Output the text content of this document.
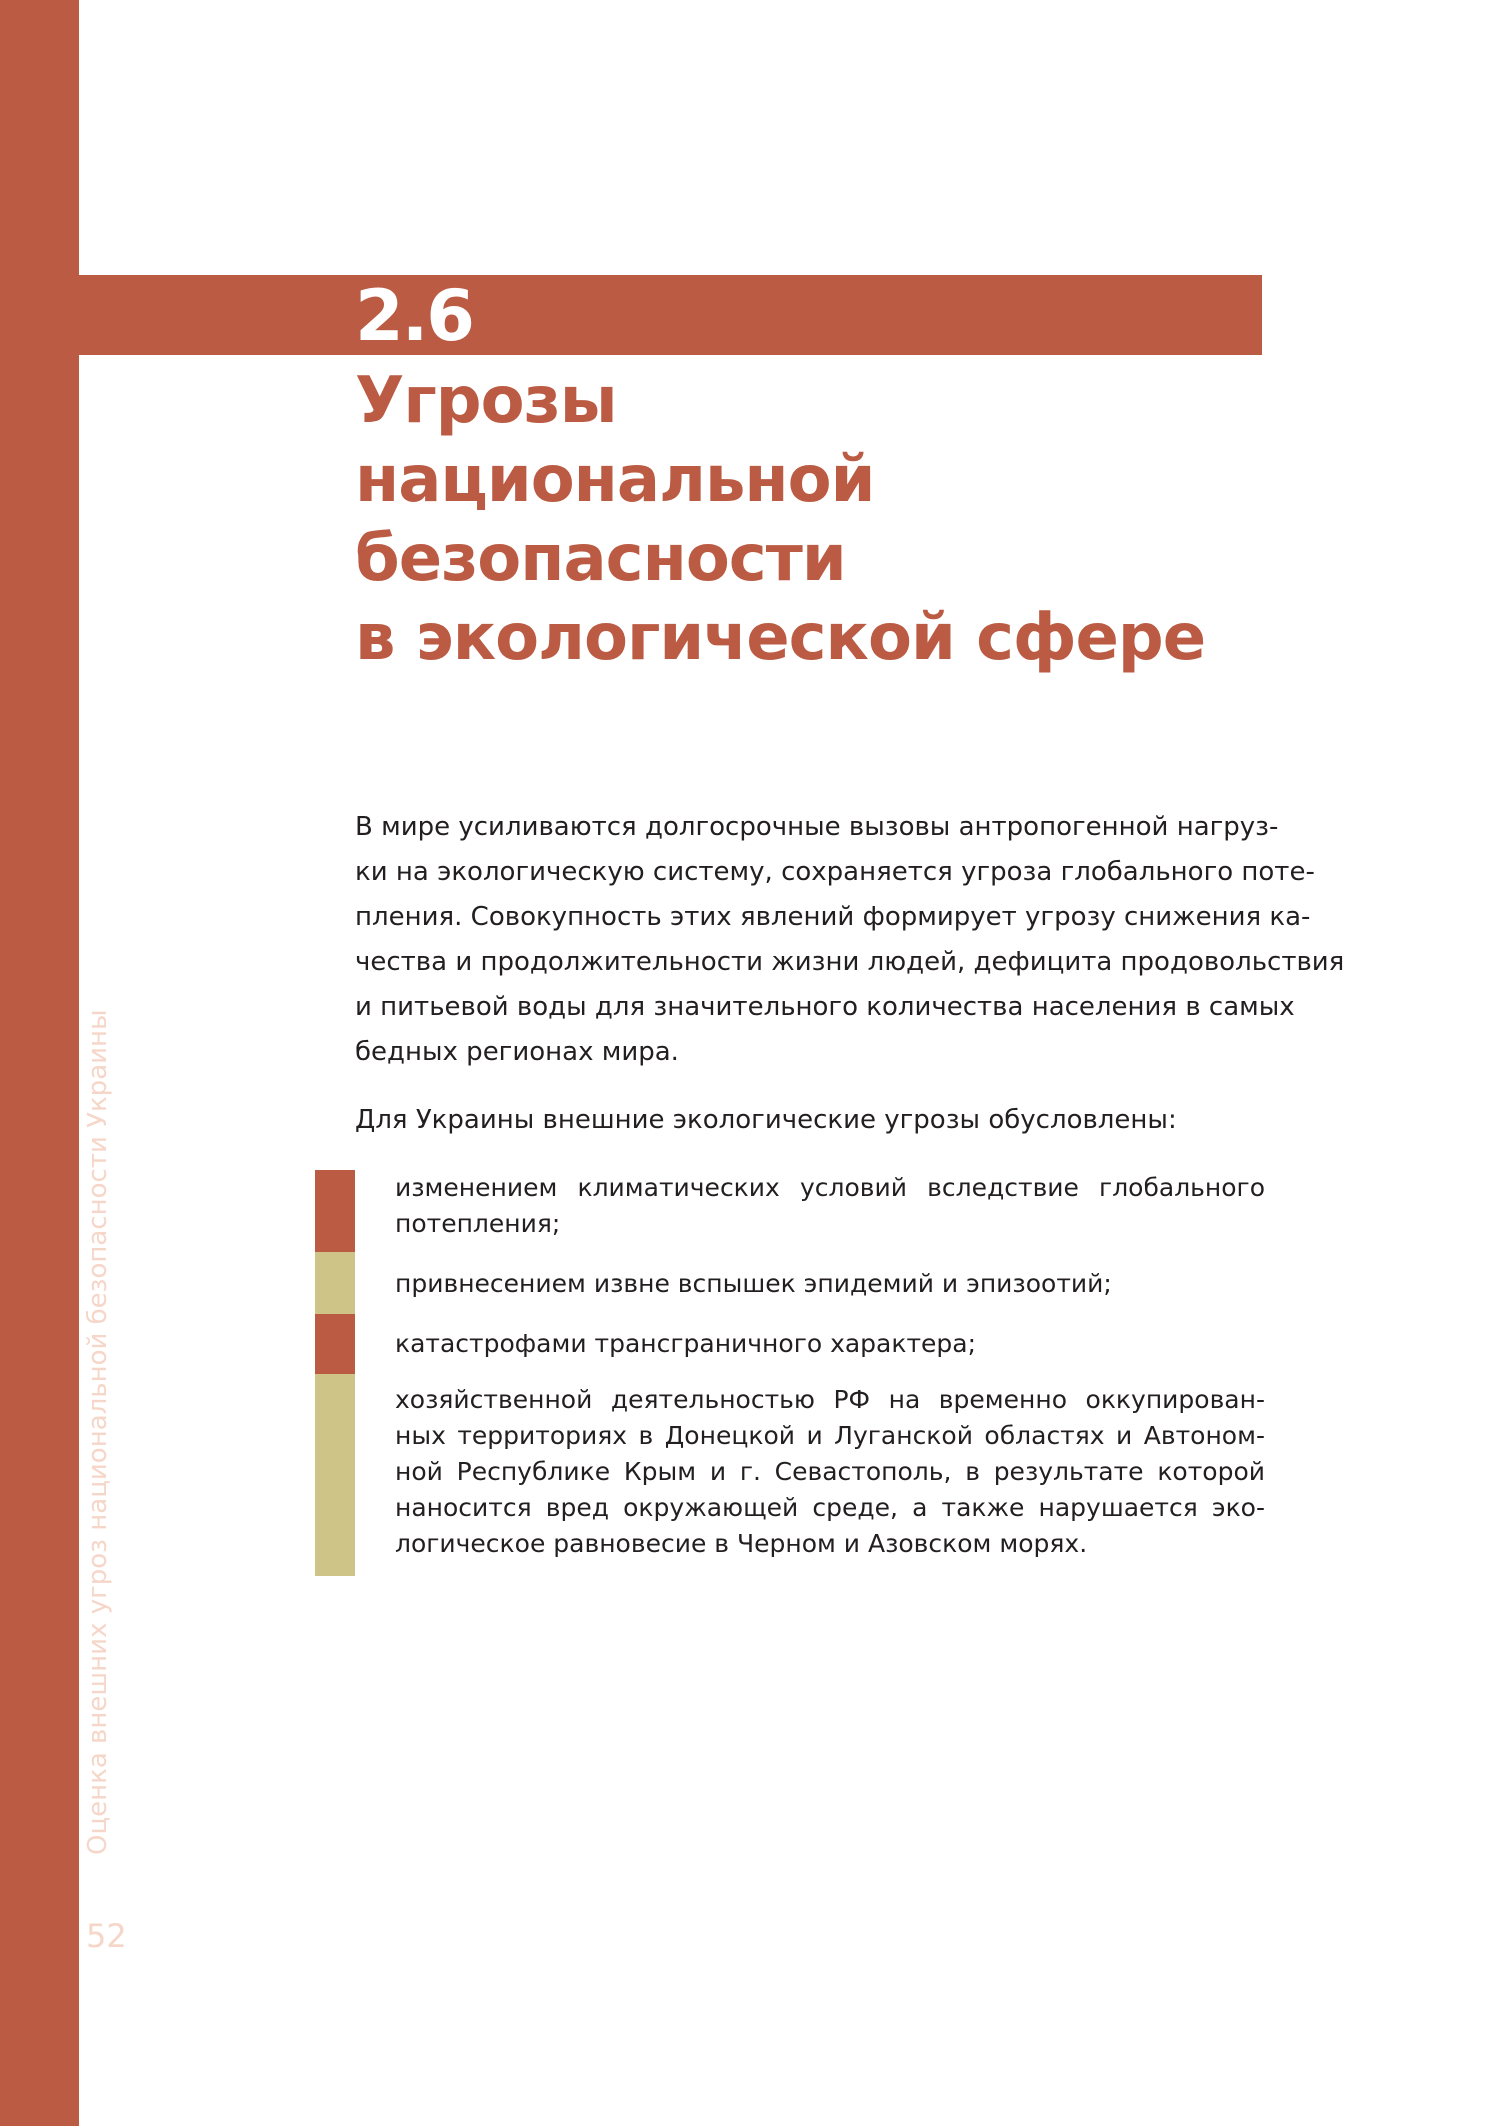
2.6
Угрозы
национальной
безопасности
в экологической сфере

В мире усиливаются долгосрочные вызовы антропогенной нагруз-
ки на экологическую систему, сохраняется угроза глобального поте-
пления. Совокупность этих явлений формирует угрозу снижения ка-
чества и продолжительности жизни людей, дефицита продовольствия
и питьевой воды для значительного количества населения в самых
бедных регионах мира.

Для Украины внешние экологические угрозы обусловлены:

изменением климатических условий вследствие глобального
потепления;
привнесением извне вспышек эпидемий и эпизоотий;
катастрофами трансграничного характера;
хозяйственной деятельностью РФ на временно оккупирован-
ных территориях в Донецкой и Луганской областях и Автоном-
ной Республике Крым и г. Севастополь, в результате которой
наносится вред окружающей среде, а также нарушается эко-
логическое равновесие в Черном и Азовском морях.
Оценка внешних угроз национальной безопасности Украины
52
